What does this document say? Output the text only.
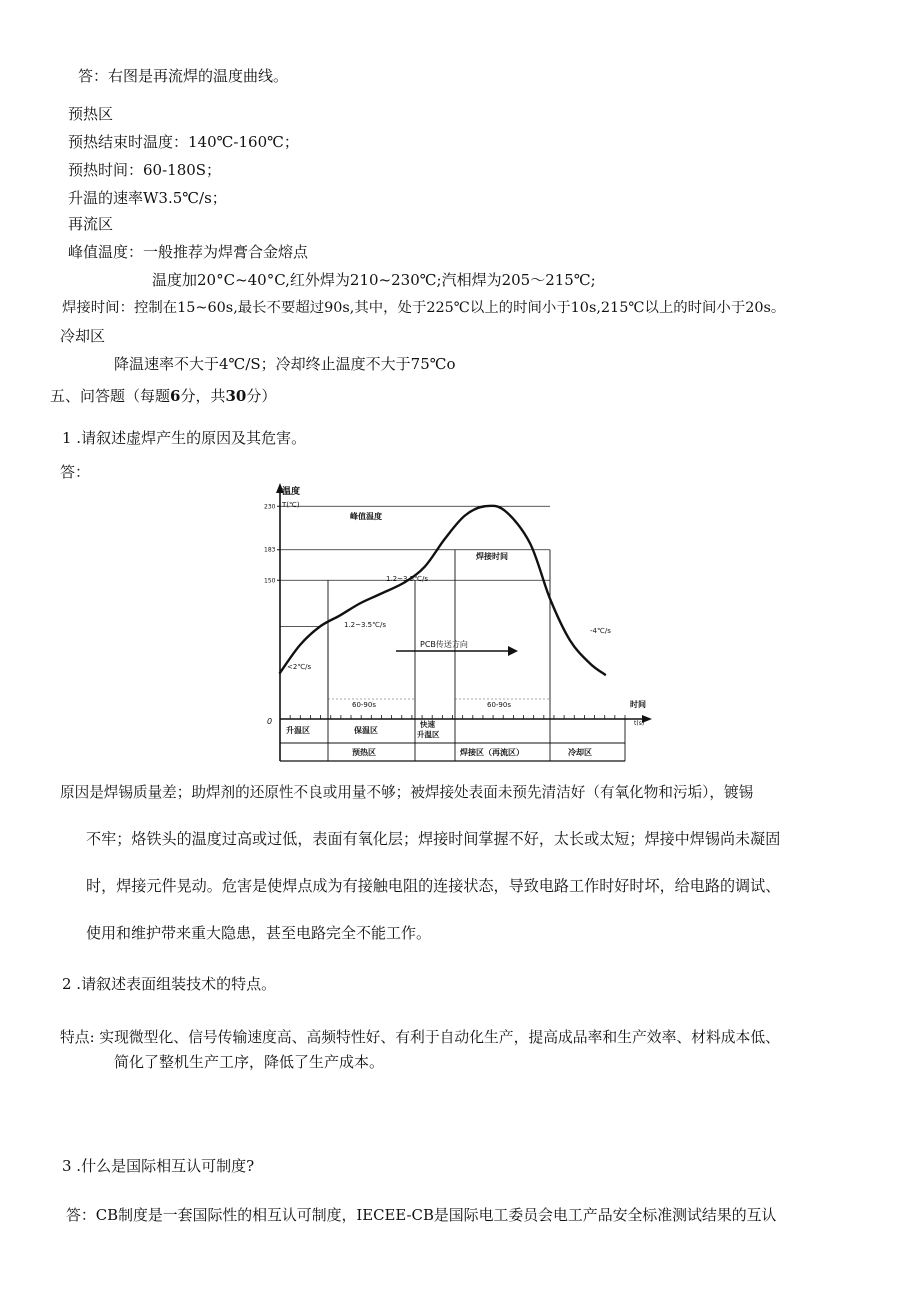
答：右图是再流焊的温度曲线。
预热区
预热结束时温度：140℃-160℃；
预热时间：60-180S；
升温的速率W3.5℃/s；
再流区
峰值温度：一般推荐为焊膏合金熔点
温度加20°C~40°C,红外焊为210~230℃;汽相焊为205～215℃;
焊接时间：控制在15~60s,最长不要超过90s,其中，处于225℃以上的时间小于10s,215℃以上的时间小于20s。
冷却区
降温速率不大于4℃/S；冷却终止温度不大于75℃o
五、问答题（每题6分，共30分）
1 .请叙述虚焊产生的原因及其危害。
答：
温度
T(℃)
0
时间
t(s)
150
183
230
峰值温度
焊接时间
1.2~3.5℃/s
1.2~3.5℃/s
<2℃/s
-4℃/s
PCB传送方向
60-90s	60-90s
升温区	保温区
快速
升温区
预热区	焊接区（再流区）	冷却区
原因是焊锡质量差；助焊剂的还原性不良或用量不够；被焊接处表面未预先清洁好（有氧化物和污垢），镀锡
不牢；烙铁头的温度过高或过低，表面有氧化层；焊接时间掌握不好，太长或太短；焊接中焊锡尚未凝固
时，焊接元件晃动。危害是使焊点成为有接触电阻的连接状态，导致电路工作时好时坏，给电路的调试、
使用和维护带来重大隐患，甚至电路完全不能工作。
2 .请叙述表面组装技术的特点。
特点: 实现微型化、信号传输速度高、高频特性好、有利于自动化生产，提高成品率和生产效率、材料成本低、
简化了整机生产工序，降低了生产成本。
3 .什么是国际相互认可制度?
答：CB制度是一套国际性的相互认可制度，IECEE-CB是国际电工委员会电工产品安全标准测试结果的互认
